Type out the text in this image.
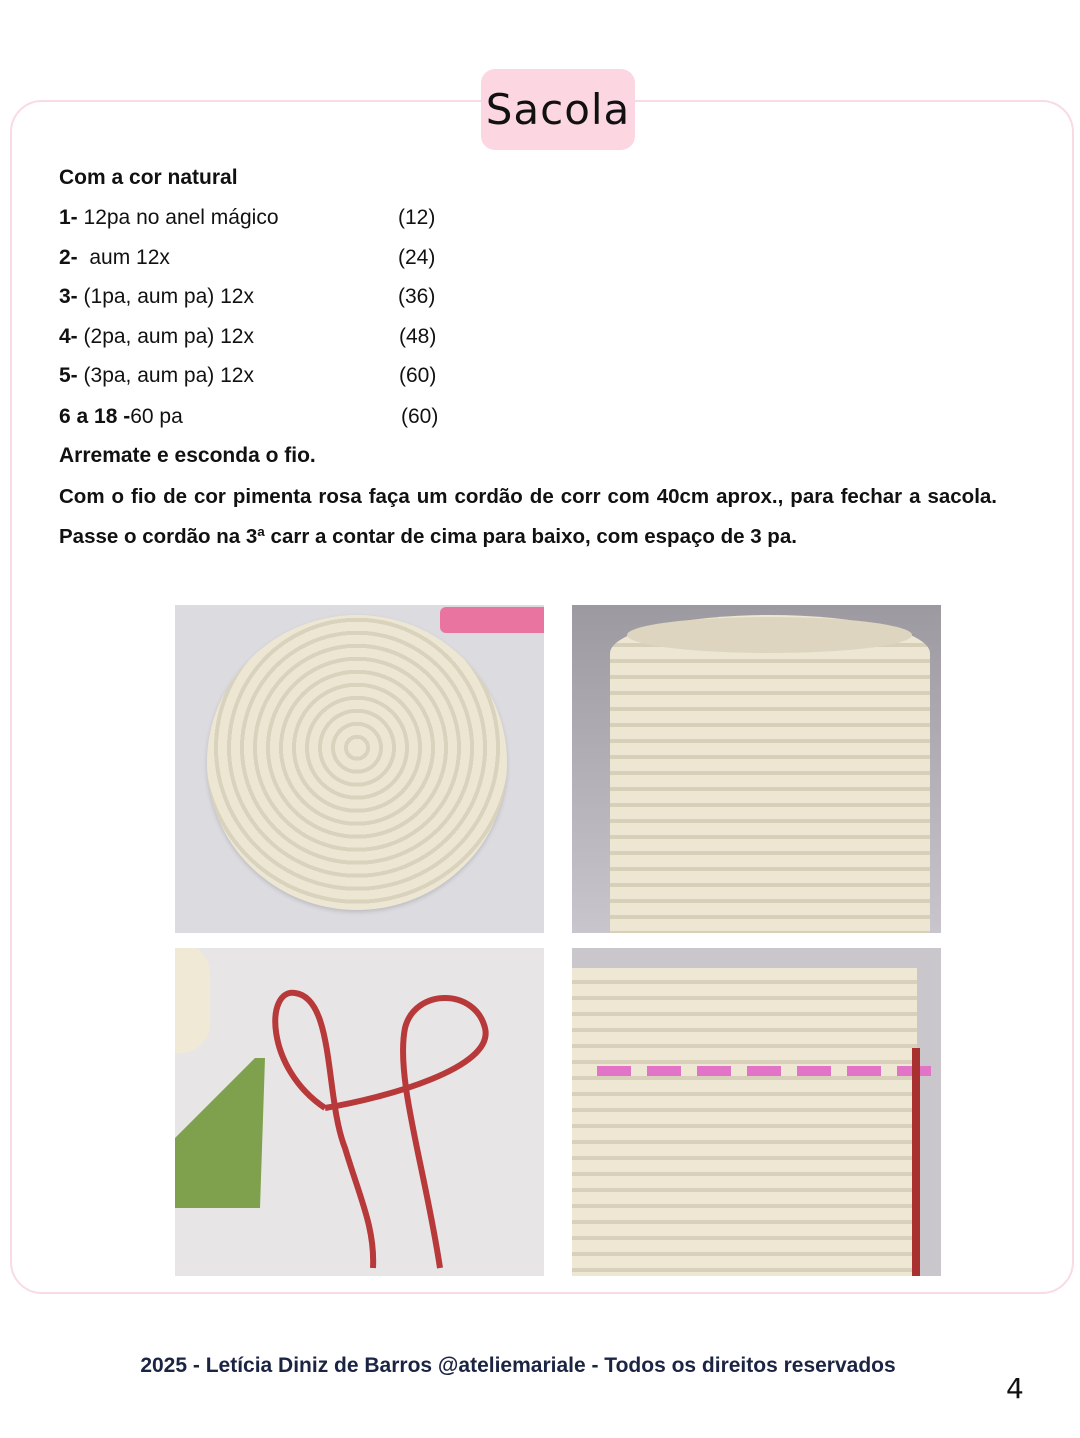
Sacola
Com a cor natural
1- 12pa no anel mágico	(12)
2-  aum 12x	(24)
3- (1pa, aum pa) 12x	(36)
4- (2pa, aum pa) 12x	(48)
5- (3pa, aum pa) 12x	(60)
6 a 18 -60 pa	(60)
Arremate e esconda o fio.
Com o fio de cor pimenta rosa faça um cordão de corr com 40cm aprox., para fechar a sacola. Passe o cordão na 3ª carr a contar de cima para baixo, com espaço de 3 pa.
2025 - Letícia Diniz de Barros @ateliemariale - Todos os direitos reservados
4
